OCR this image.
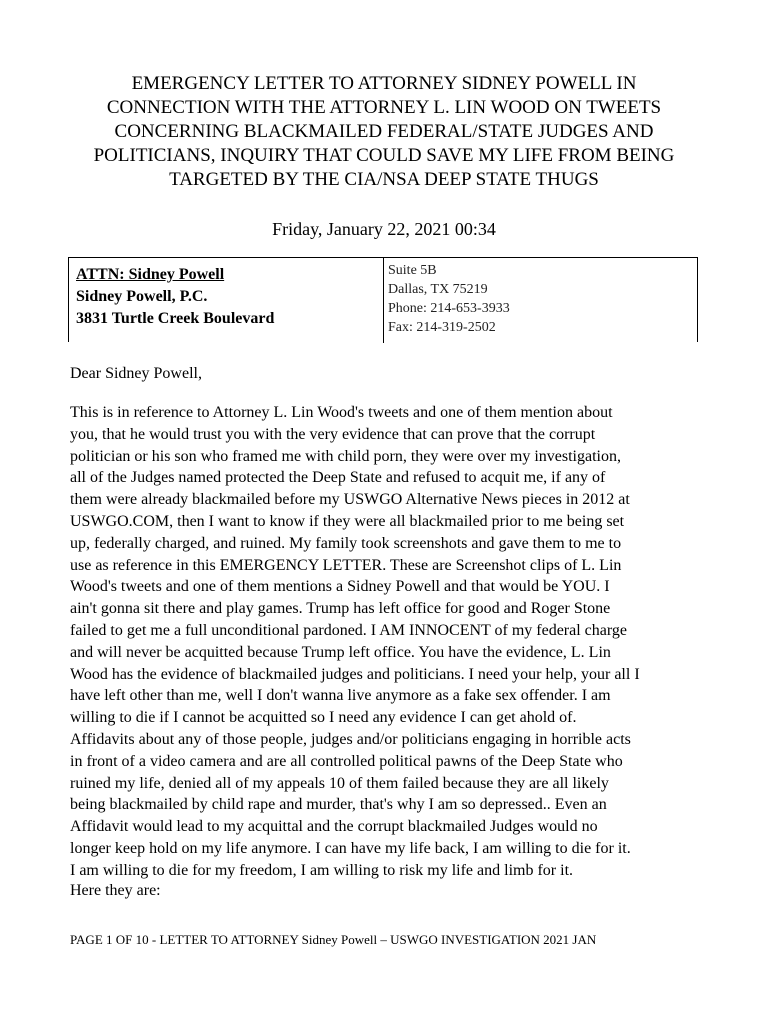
EMERGENCY LETTER TO ATTORNEY SIDNEY POWELL IN
CONNECTION WITH THE ATTORNEY L. LIN WOOD ON TWEETS
CONCERNING BLACKMAILED FEDERAL/STATE JUDGES AND
POLITICIANS, INQUIRY THAT COULD SAVE MY LIFE FROM BEING
TARGETED BY THE CIA/NSA DEEP STATE THUGS
Friday, January 22, 2021 00:34
ATTN: Sidney Powell
Sidney Powell, P.C.
3831 Turtle Creek Boulevard
Suite 5B
Dallas, TX 75219
Phone: 214-653-3933
Fax: 214-319-2502
Dear Sidney Powell,
This is in reference to Attorney L. Lin Wood's tweets and one of them mention about
you, that he would trust you with the very evidence that can prove that the corrupt
politician or his son who framed me with child porn, they were over my investigation,
all of the Judges named protected the Deep State and refused to acquit me, if any of
them were already blackmailed before my USWGO Alternative News pieces in 2012 at
USWGO.COM, then I want to know if they were all blackmailed prior to me being set
up, federally charged, and ruined. My family took screenshots and gave them to me to
use as reference in this EMERGENCY LETTER. These are Screenshot clips of L. Lin
Wood's tweets and one of them mentions a Sidney Powell and that would be YOU. I
ain't gonna sit there and play games. Trump has left office for good and Roger Stone
failed to get me a full unconditional pardoned. I AM INNOCENT of my federal charge
and will never be acquitted because Trump left office. You have the evidence, L. Lin
Wood has the evidence of blackmailed judges and politicians. I need your help, your all I
have left other than me, well I don't wanna live anymore as a fake sex offender. I am
willing to die if I cannot be acquitted so I need any evidence I can get ahold of.
Affidavits about any of those people, judges and/or politicians engaging in horrible acts
in front of a video camera and are all controlled political pawns of the Deep State who
ruined my life, denied all of my appeals 10 of them failed because they are all likely
being blackmailed by child rape and murder, that's why I am so depressed.. Even an
Affidavit would lead to my acquittal and the corrupt blackmailed Judges would no
longer keep hold on my life anymore. I can have my life back, I am willing to die for it.
I am willing to die for my freedom, I am willing to risk my life and limb for it.
Here they are:
PAGE 1 OF 10 - LETTER TO ATTORNEY Sidney Powell – USWGO INVESTIGATION 2021 JAN
